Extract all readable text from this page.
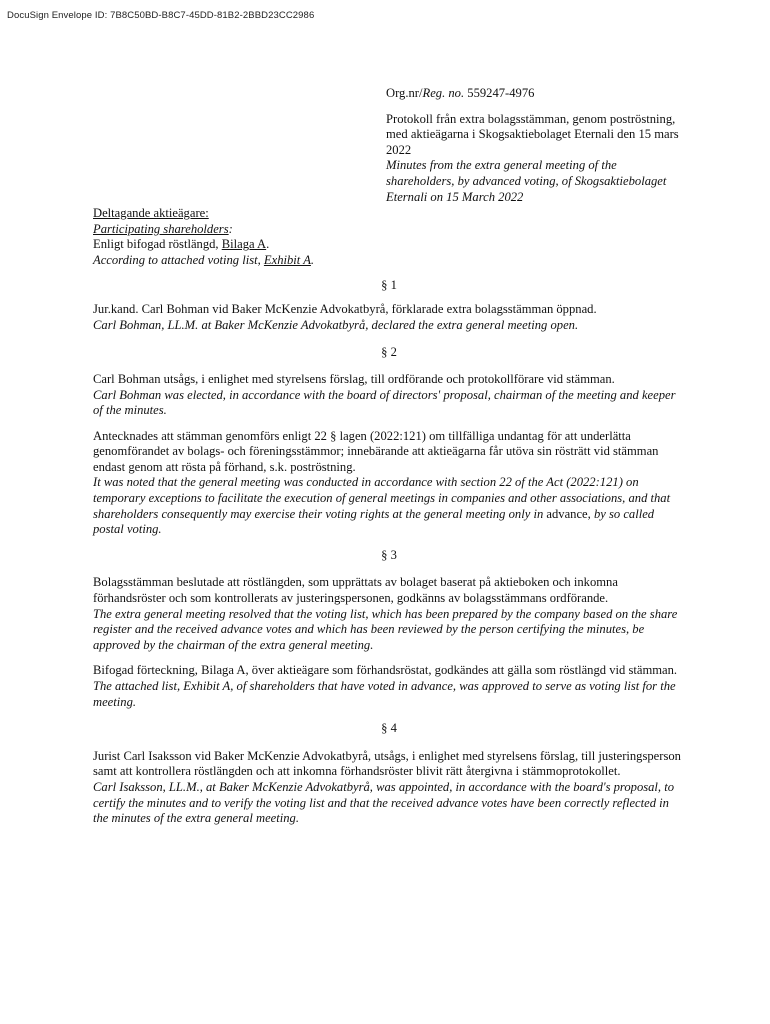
DocuSign Envelope ID: 7B8C50BD-B8C7-45DD-81B2-2BBD23CC2986

Org.nr/Reg. no. 559247-4976

Protokoll från extra bolagsstämman, genom poströstning, med aktieägarna i Skogsaktiebolaget Eternali den 15 mars 2022

Minutes from the extra general meeting of the shareholders, by advanced voting, of Skogsaktiebolaget Eternali on 15 March 2022

Deltagande aktieägare:

Participating shareholders:

Enligt bifogad röstlängd, Bilaga A.

According to attached voting list, Exhibit A.

§ 1

Jur.kand. Carl Bohman vid Baker McKenzie Advokatbyrå, förklarade extra bolagsstämman öppnad.

Carl Bohman, LL.M. at Baker McKenzie Advokatbyrå, declared the extra general meeting open.

§ 2

Carl Bohman utsågs, i enlighet med styrelsens förslag, till ordförande och protokollförare vid stämman.

Carl Bohman was elected, in accordance with the board of directors' proposal, chairman of the meeting and keeper of the minutes.

Antecknades att stämman genomförs enligt 22 § lagen (2022:121) om tillfälliga undantag för att underlätta genomförandet av bolags- och föreningsstämmor; innebärande att aktieägarna får utöva sin rösträtt vid stämman endast genom att rösta på förhand, s.k. poströstning.

It was noted that the general meeting was conducted in accordance with section 22 of the Act (2022:121) on temporary exceptions to facilitate the execution of general meetings in companies and other associations, and that shareholders consequently may exercise their voting rights at the general meeting only in advance, by so called postal voting.

§ 3

Bolagsstämman beslutade att röstlängden, som upprättats av bolaget baserat på aktieboken och inkomna förhandsröster och som kontrollerats av justeringspersonen, godkänns av bolagsstämmans ordförande.

The extra general meeting resolved that the voting list, which has been prepared by the company based on the share register and the received advance votes and which has been reviewed by the person certifying the minutes, be approved by the chairman of the extra general meeting.

Bifogad förteckning, Bilaga A, över aktieägare som förhandsröstat, godkändes att gälla som röstlängd vid stämman.

The attached list, Exhibit A, of shareholders that have voted in advance, was approved to serve as voting list for the meeting.

§ 4

Jurist Carl Isaksson vid Baker McKenzie Advokatbyrå, utsågs, i enlighet med styrelsens förslag, till justeringsperson samt att kontrollera röstlängden och att inkomna förhandsröster blivit rätt återgivna i stämmoprotokollet.

Carl Isaksson, LL.M., at Baker McKenzie Advokatbyrå, was appointed, in accordance with the board's proposal, to certify the minutes and to verify the voting list and that the received advance votes have been correctly reflected in the minutes of the extra general meeting.
